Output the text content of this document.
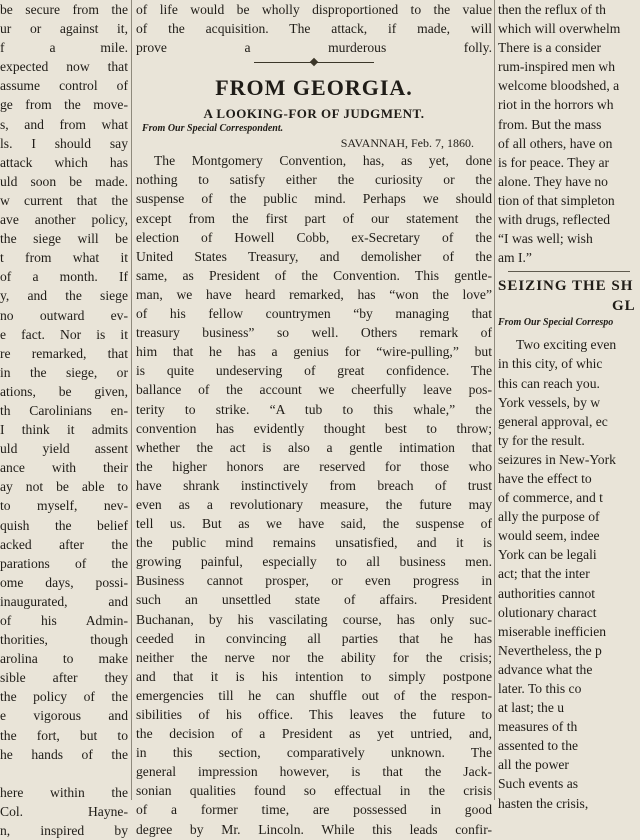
be secure from the
ur or against it,
f a mile.
expected now that
assume control of
ge from the move-
s, and from what
ls. I should say
attack which has
uld soon be made.
w current that the
ave another policy,
the siege will be
t from what it
of a month. If
y, and the siege
no outward ev-
e fact. Nor is it
re remarked, that
in the siege, or
ations, be given,
th Carolinians en-
I think it admits
uld yield assent
ance with their
ay not be able to
to myself, nev-
quish the belief
acked after the
parations of the
ome days, possi-
inaugurated, and
of his Admin-
thorities, though
arolina to make
sible after they
the policy of the
e vigorous and
the fort, but to
he hands of the

here within the
Col. Hayne-
n, inspired by
of life would be wholly disproportioned to the value
of the acquisition. The attack, if made, will
prove a murderous folly.
FROM GEORGIA.
A LOOKING-FOR OF JUDGMENT.
From Our Special Correspondent.
SAVANNAH, Feb. 7, 1860.
The Montgomery Convention, has, as yet, done
nothing to satisfy either the curiosity or the
suspense of the public mind. Perhaps we should
except from the first part of our statement the
election of Howell Cobb, ex-Secretary of the
United States Treasury, and demolisher of the
same, as President of the Convention. This gentle-
man, we have heard remarked, has “won the love”
of his fellow countrymen “by managing that
treasury business” so well. Others remark of
him that he has a genius for “wire-pulling,” but
is quite undeserving of great confidence. The
ballance of the account we cheerfully leave pos-
terity to strike. “A tub to this whale,” the
convention has evidently thought best to throw;
whether the act is also a gentle intimation that
the higher honors are reserved for those who
have shrank instinctively from breach of trust
even as a revolutionary measure, the future may
tell us. But as we have said, the suspense of
the public mind remains unsatisfied, and it is
growing painful, especially to all business men.
Business cannot prosper, or even progress in
such an unsettled state of affairs. President
Buchanan, by his vascilating course, has only suc-
ceeded in convincing all parties that he has
neither the nerve nor the ability for the crisis;
and that it is his intention to simply postpone
emergencies till he can shuffle out of the respon-
sibilities of his office. This leaves the future to
the decision of a President as yet untried, and,
in this section, comparatively unknown. The
general impression however, is that the Jack-
sonian qualities found so effectual in the crisis
of a former time, are possessed in good
degree by Mr. Lincoln. While this leads confir-
then the reflux of th
which will overwhelm
There is a consider
rum-inspired men wh
welcome bloodshed, a
riot in the horrors wh
from. But the mass
of all others, have on
is for peace. They ar
alone. They have no
tion of that simpleton
with drugs, reflected
“I was well; wish
am I.”
SEIZING THE SH
GL
From Our Special Correspo
Two exciting even
in this city, of whic
this can reach you.
York vessels, by w
general approval, ec
ty for the result.
seizures in New-York
have the effect to
of commerce, and t
ally the purpose of
would seem, indee
York can be legali
act; that the inter
authorities cannot
olutionary charact
miserable inefficien
Nevertheless, the p
advance what the
later. To this co
at last; the u
measures of th
assented to the
all the power
Such events as
hasten the crisis,
